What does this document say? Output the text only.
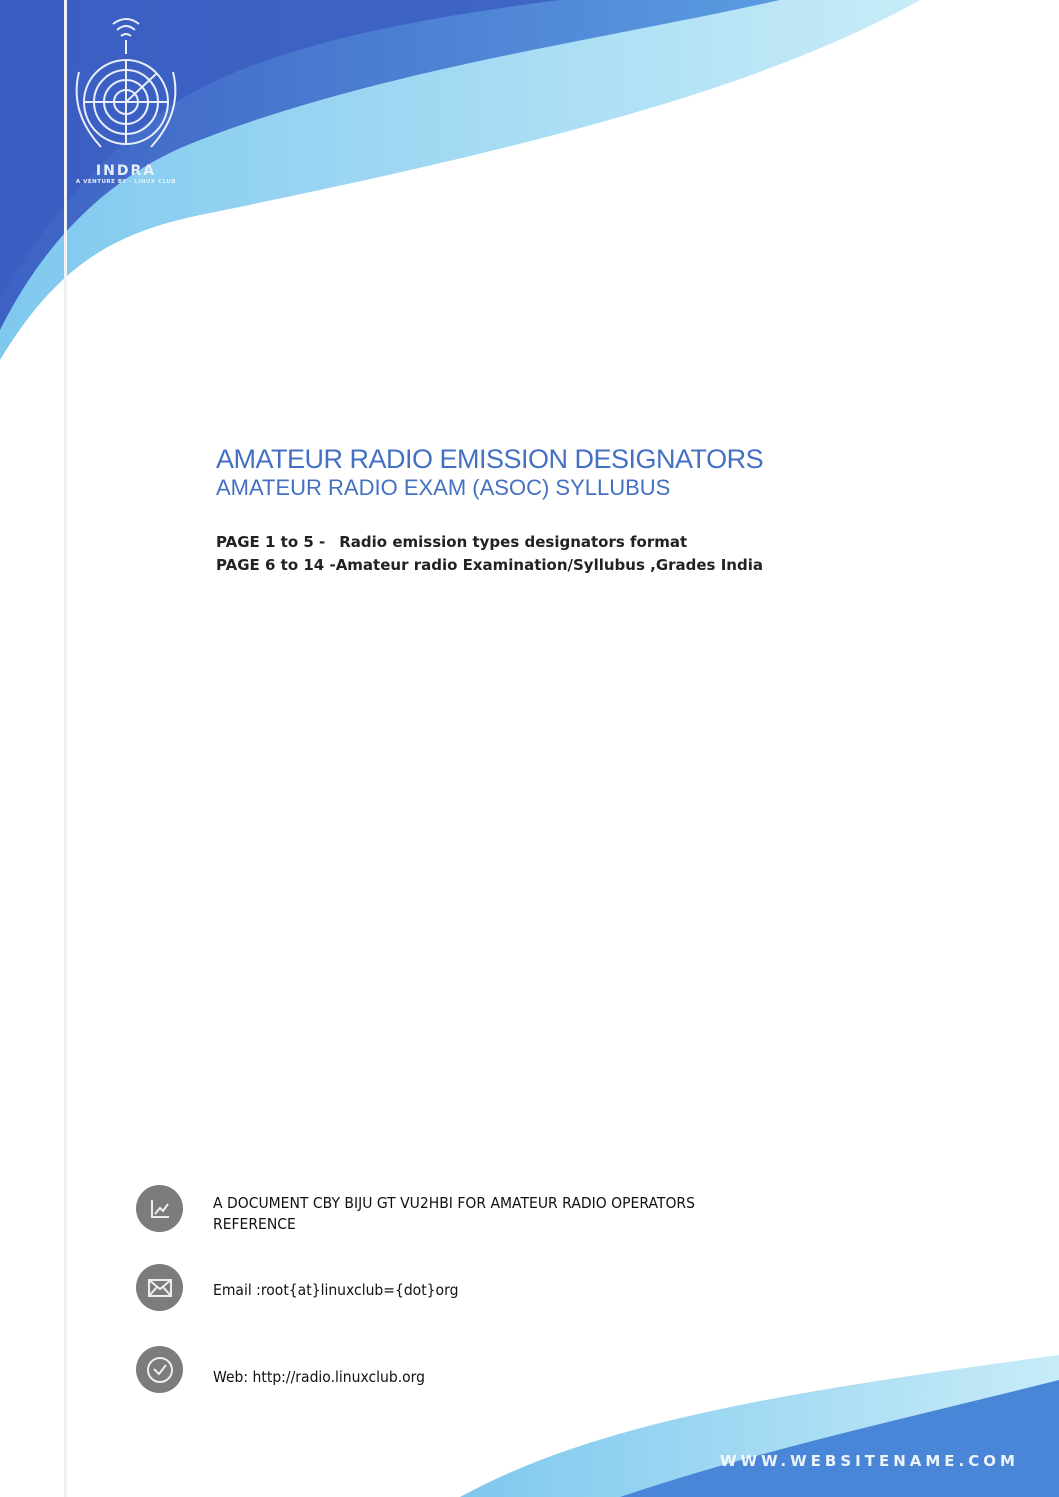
INDRA
A VENTURE BY - LINUX CLUB
AMATEUR RADIO EMISSION DESIGNATORS
AMATEUR RADIO EXAM (ASOC) SYLLUBUS
PAGE 1 to 5 - Radio emission types designators format
PAGE 6 to 14 -Amateur radio Examination/Syllubus ,Grades India
A DOCUMENT CBY BIJU GT VU2HBI FOR AMATEUR RADIO OPERATORS
REFERENCE
Email :root{at}linuxclub={dot}org
Web: http://radio.linuxclub.org
WWW.WEBSITENAME.COM
